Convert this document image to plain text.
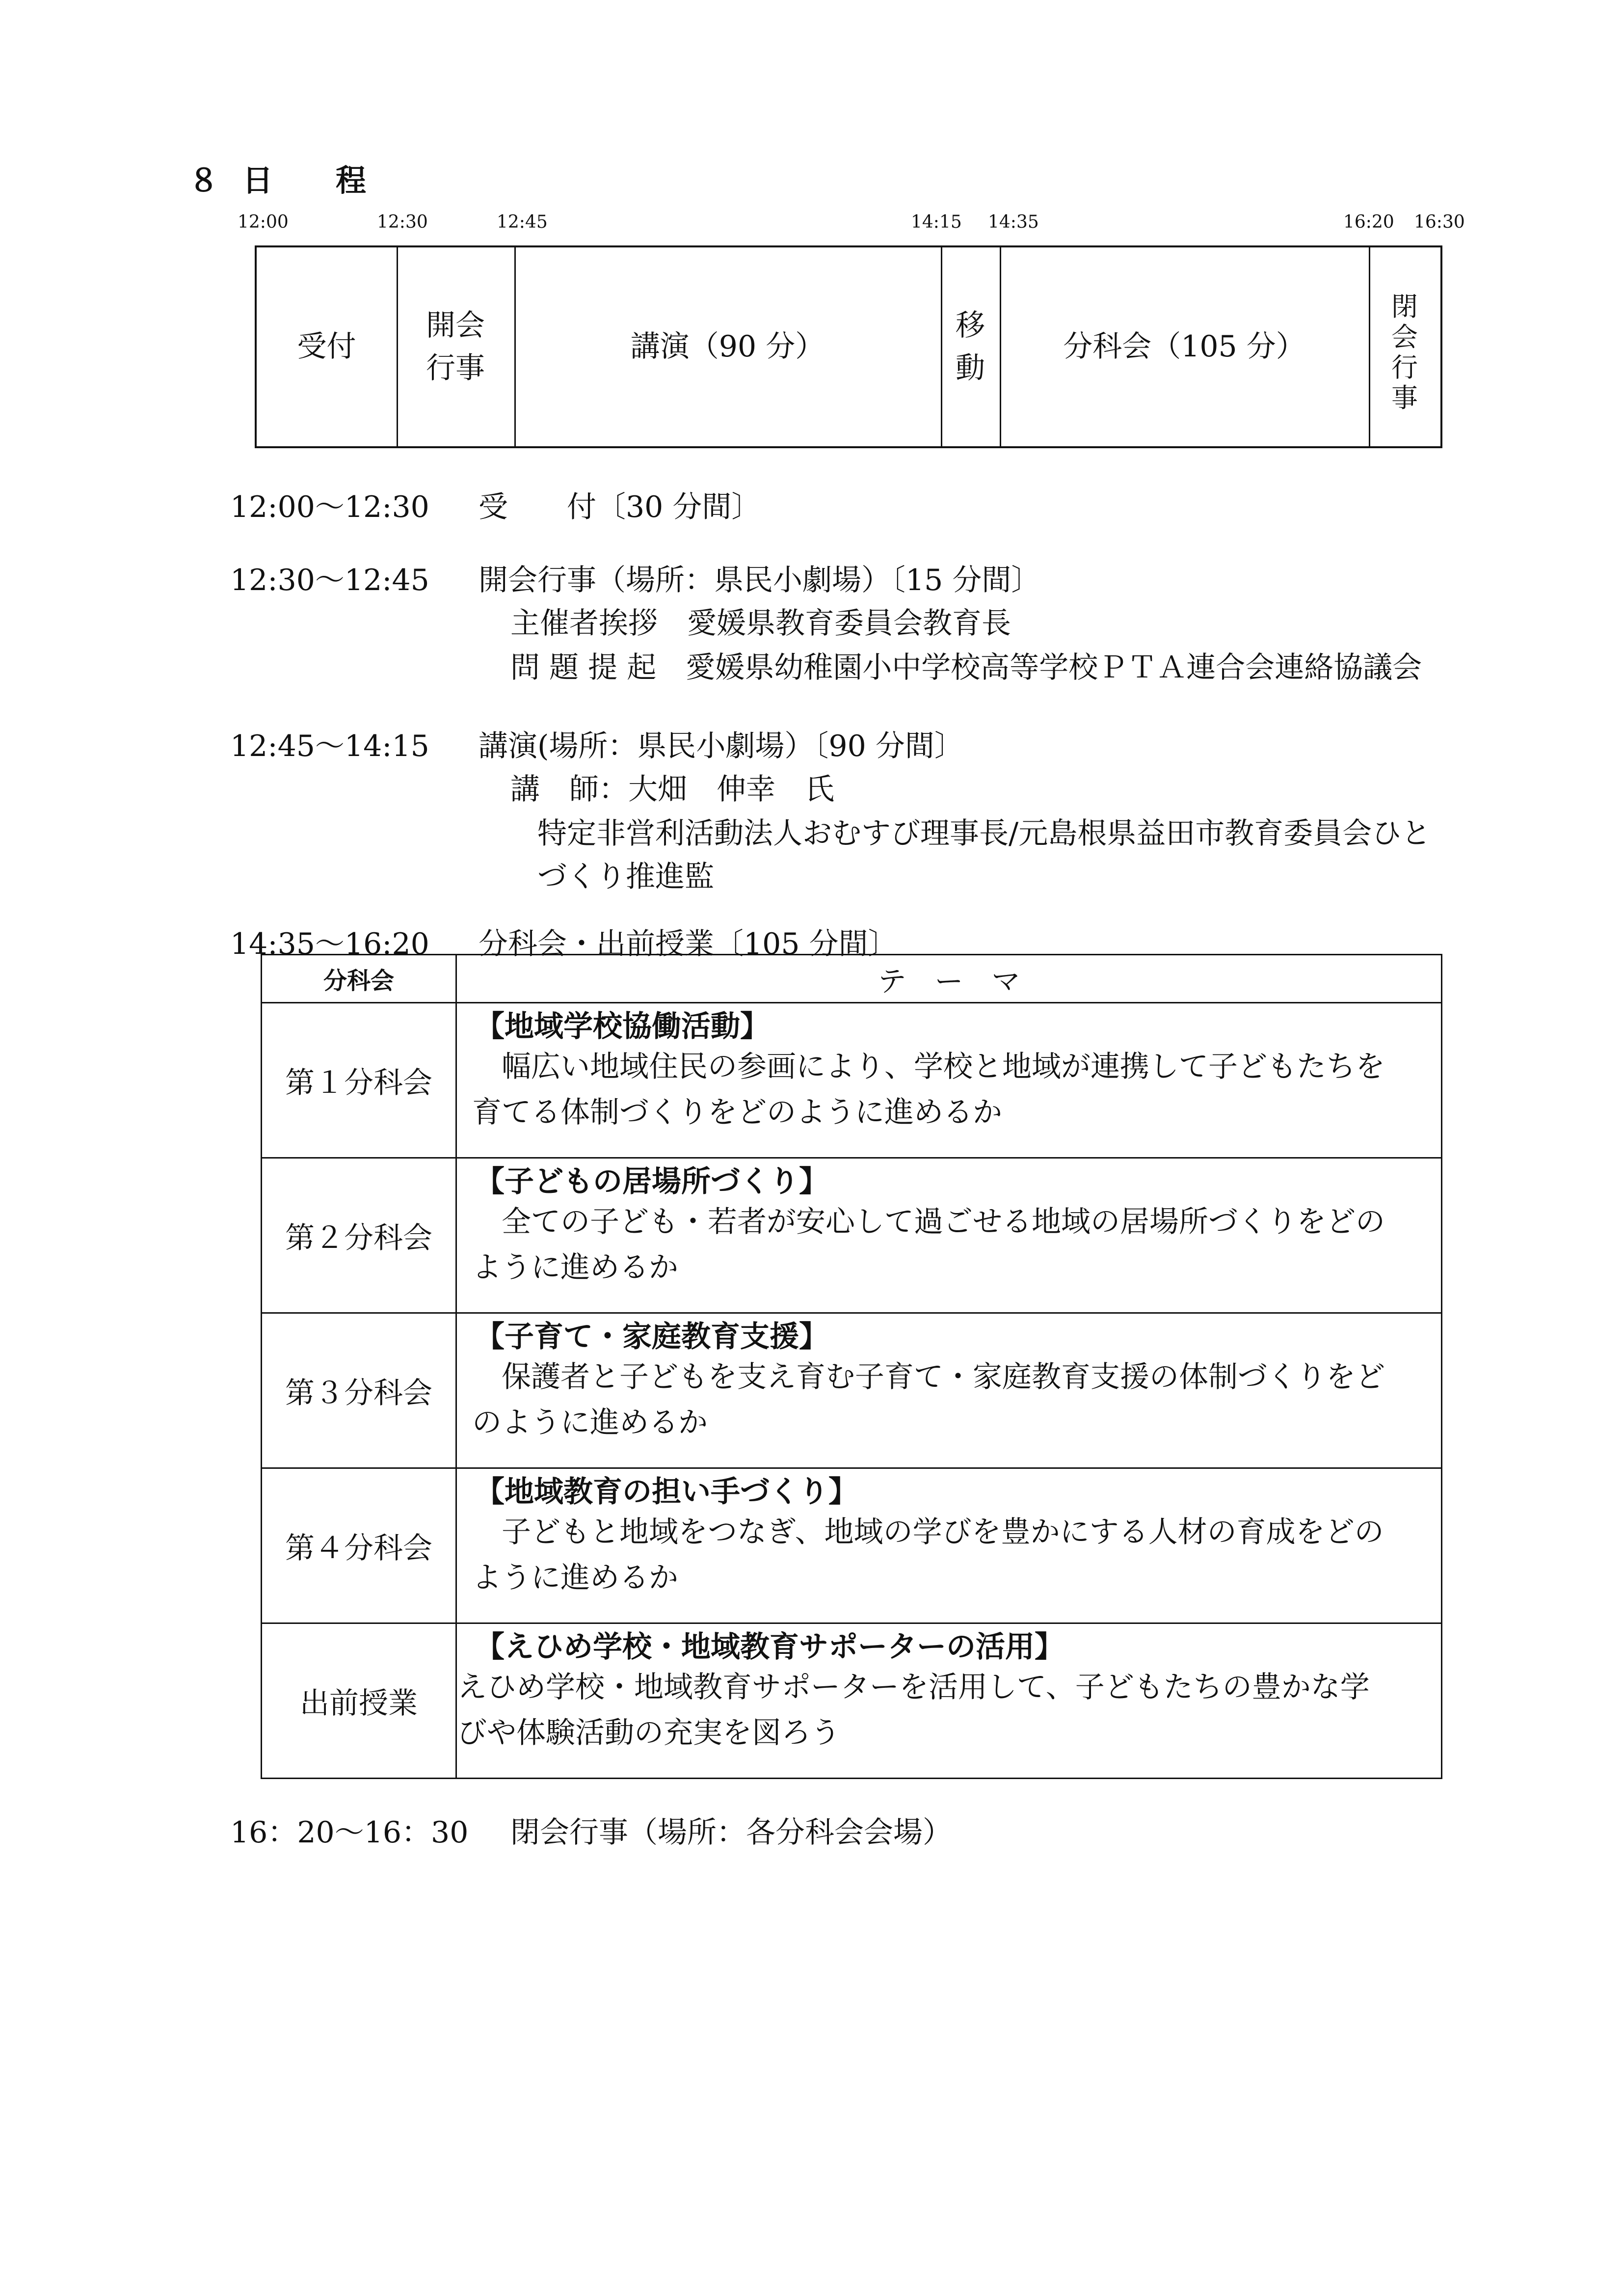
８ 日 程
12:00	12:30	12:45	14:15 14:35	16:20 16:30
受付
開会
行事
講演（90 分）
移
動
分科会（105 分）
閉
会
行
事
12:00～12:30 受　　付〔30 分間〕
12:30～12:45 開会行事（場所：県民小劇場）〔15 分間〕
主催者挨拶　愛媛県教育委員会教育長
問 題 提 起　愛媛県幼稚園小中学校高等学校ＰＴＡ連合会連絡協議会
12:45～14:15 講演(場所：県民小劇場）〔90 分間〕
講　師：大畑　伸幸　氏
特定非営利活動法人おむすび理事長/元島根県益田市教育委員会ひと
づくり推進監
14:35～16:20 分科会・出前授業〔105 分間〕
分科会	テ　ー　マ
第１分科会	【地域学校協働活動】
幅広い地域住民の参画により、学校と地域が連携して子どもたちを
育てる体制づくりをどのように進めるか

第２分科会	【子どもの居場所づくり】
全ての子ども・若者が安心して過ごせる地域の居場所づくりをどの
ように進めるか

第３分科会	【子育て・家庭教育支援】
保護者と子どもを支え育む子育て・家庭教育支援の体制づくりをど
のように進めるか

第４分科会	【地域教育の担い手づくり】
子どもと地域をつなぎ、地域の学びを豊かにする人材の育成をどの
ように進めるか

出前授業	【えひめ学校・地域教育サポーターの活用】
えひめ学校・地域教育サポーターを活用して、子どもたちの豊かな学
びや体験活動の充実を図ろう
16：20～16：30 閉会行事（場所：各分科会会場）
